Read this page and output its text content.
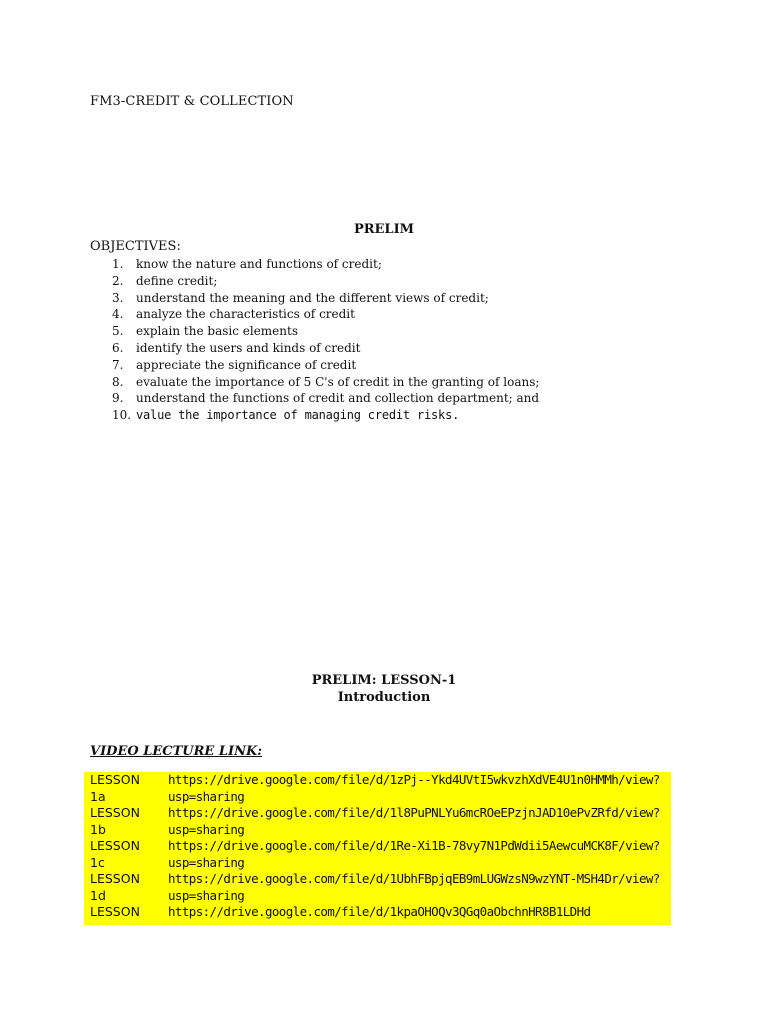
FM3-CREDIT & COLLECTION
PRELIM
OBJECTIVES:
1.	know the nature and functions of credit;
2.	define credit;
3.	understand the meaning and the different views of credit;
4.	analyze the characteristics of credit
5.	explain the basic elements
6.	identify the users and kinds of credit
7.	appreciate the significance of credit
8.	evaluate the importance of 5 C's of credit in the granting of loans;
9.	understand the functions of credit and collection department; and
10. value the importance of managing credit risks.
PRELIM: LESSON-1
Introduction
VIDEO LECTURE LINK:
LESSON
1a	https://drive.google.com/file/d/1zPj--Ykd4UVtI5wkvzhXdVE4U1n0HMMh/view?usp=sharing

LESSON
1b	https://drive.google.com/file/d/1l8PuPNLYu6mcROeEPzjnJAD10ePvZRfd/view?usp=sharing

LESSON
1c	https://drive.google.com/file/d/1Re-Xi1B-78vy7N1PdWdii5AewcuMCK8F/view?usp=sharing

LESSON
1d	https://drive.google.com/file/d/1UbhFBpjqEB9mLUGWzsN9wzYNT-MSH4Dr/view?usp=sharing

LESSON	https://drive.google.com/file/d/1kpaOHOQv3QGq0aObchnHR8B1LDHd
